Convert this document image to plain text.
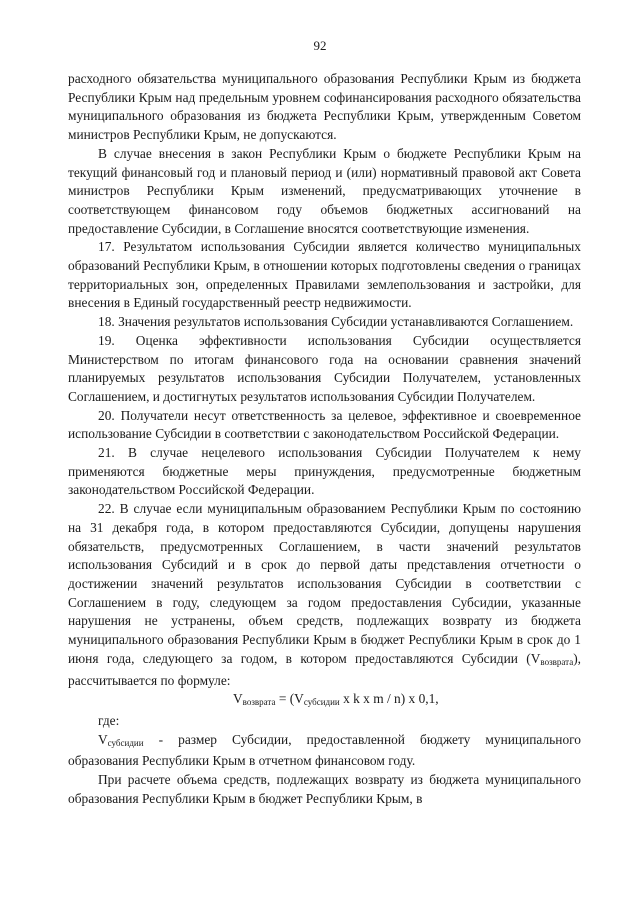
92

расходного обязательства муниципального образования Республики Крым из бюджета Республики Крым над предельным уровнем софинансирования расходного обязательства муниципального образования из бюджета Республики Крым, утвержденным Советом министров Республики Крым, не допускаются.

В случае внесения в закон Республики Крым о бюджете Республики Крым на текущий финансовый год и плановый период и (или) нормативный правовой акт Совета министров Республики Крым изменений, предусматривающих уточнение в соответствующем финансовом году объемов бюджетных ассигнований на предоставление Субсидии, в Соглашение вносятся соответствующие изменения.

17. Результатом использования Субсидии является количество муниципальных образований Республики Крым, в отношении которых подготовлены сведения о границах территориальных зон, определенных Правилами землепользования и застройки, для внесения в Единый государственный реестр недвижимости.

18. Значения результатов использования Субсидии устанавливаются Соглашением.

19. Оценка эффективности использования Субсидии осуществляется Министерством по итогам финансового года на основании сравнения значений планируемых результатов использования Субсидии Получателем, установленных Соглашением, и достигнутых результатов использования Субсидии Получателем.

20. Получатели несут ответственность за целевое, эффективное и своевременное использование Субсидии в соответствии с законодательством Российской Федерации.

21. В случае нецелевого использования Субсидии Получателем к нему применяются бюджетные меры принуждения, предусмотренные бюджетным законодательством Российской Федерации.

22. В случае если муниципальным образованием Республики Крым по состоянию на 31 декабря года, в котором предоставляются Субсидии, допущены нарушения обязательств, предусмотренных Соглашением, в части значений результатов использования Субсидий и в срок до первой даты представления отчетности о достижении значений результатов использования Субсидии в соответствии с Соглашением в году, следующем за годом предоставления Субсидии, указанные нарушения не устранены, объем средств, подлежащих возврату из бюджета муниципального образования Республики Крым в бюджет Республики Крым в срок до 1 июня года, следующего за годом, в котором предоставляются Субсидии $(V_{возврата})$, рассчитывается по формуле:

$V_{возврата} = (V_{субсидии}$ x k x m / n) x 0,1,

где:

$V_{субсидии}$ - размер Субсидии, предоставленной бюджету муниципального образования Республики Крым в отчетном финансовом году.

При расчете объема средств, подлежащих возврату из бюджета муниципального образования Республики Крым в бюджет Республики Крым, в
